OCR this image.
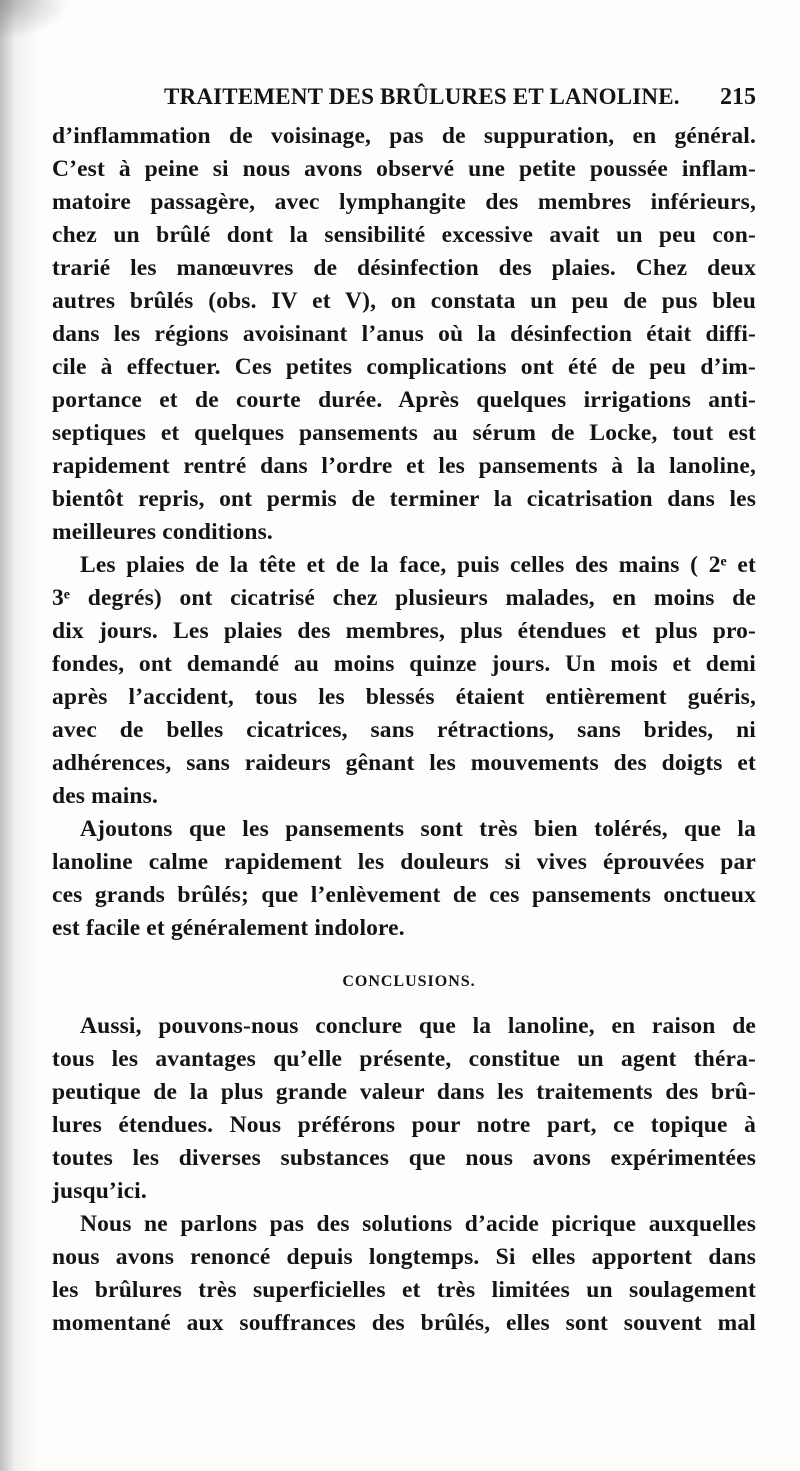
TRAITEMENT DES BRÛLURES ET LANOLINE. 215
d’inflammation de voisinage, pas de suppuration, en général.
C’est à peine si nous avons observé une petite poussée inflam-
matoire passagère, avec lymphangite des membres inférieurs,
chez un brûlé dont la sensibilité excessive avait un peu con-
trarié les manœuvres de désinfection des plaies. Chez deux
autres brûlés (obs. IV et V), on constata un peu de pus bleu
dans les régions avoisinant l’anus où la désinfection était diffi-
cile à effectuer. Ces petites complications ont été de peu d’im-
portance et de courte durée. Après quelques irrigations anti-
septiques et quelques pansements au sérum de Locke, tout est
rapidement rentré dans l’ordre et les pansements à la lanoline,
bientôt repris, ont permis de terminer la cicatrisation dans les
meilleures conditions.
Les plaies de la tête et de la face, puis celles des mains ( 2ᵉ et
3ᵉ degrés) ont cicatrisé chez plusieurs malades, en moins de
dix jours. Les plaies des membres, plus étendues et plus pro-
fondes, ont demandé au moins quinze jours. Un mois et demi
après l’accident, tous les blessés étaient entièrement guéris,
avec de belles cicatrices, sans rétractions, sans brides, ni
adhérences, sans raideurs gênant les mouvements des doigts et
des mains.
Ajoutons que les pansements sont très bien tolérés, que la
lanoline calme rapidement les douleurs si vives éprouvées par
ces grands brûlés; que l’enlèvement de ces pansements onctueux
est facile et généralement indolore.
CONCLUSIONS.
Aussi, pouvons-nous conclure que la lanoline, en raison de
tous les avantages qu’elle présente, constitue un agent théra-
peutique de la plus grande valeur dans les traitements des brû-
lures étendues. Nous préférons pour notre part, ce topique à
toutes les diverses substances que nous avons expérimentées
jusqu’ici.
Nous ne parlons pas des solutions d’acide picrique auxquelles
nous avons renoncé depuis longtemps. Si elles apportent dans
les brûlures très superficielles et très limitées un soulagement
momentané aux souffrances des brûlés, elles sont souvent mal
